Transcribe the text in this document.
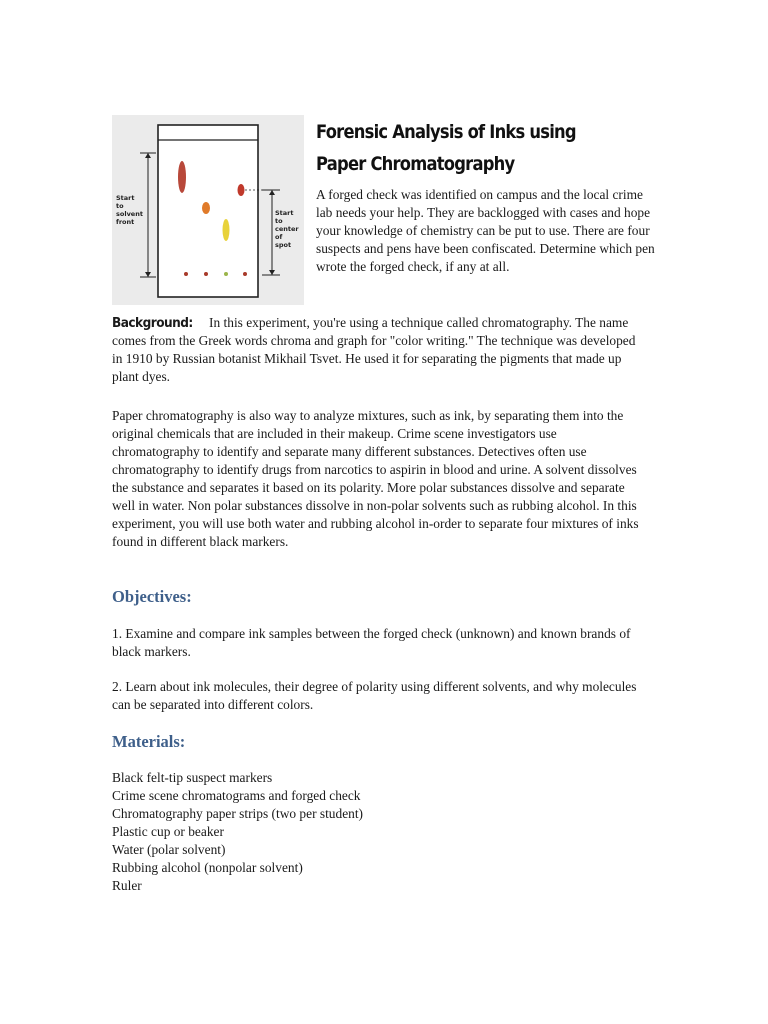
Start
to
solvent
front
Start
to
center
of
spot
Forensic Analysis of Inks using Paper Chromatography
A forged check was identified on campus and the local crime lab needs your help. They are backlogged with cases and hope your knowledge of chemistry can be put to use. There are four suspects and pens have been confiscated. Determine which pen wrote the forged check, if any at all.
Background: In this experiment, you're using a technique called chromatography. The name comes from the Greek words chroma and graph for "color writing." The technique was developed in 1910 by Russian botanist Mikhail Tsvet. He used it for separating the pigments that made up plant dyes.
Paper chromatography is also way to analyze mixtures, such as ink, by separating them into the original chemicals that are included in their makeup. Crime scene investigators use chromatography to identify and separate many different substances. Detectives often use chromatography to identify drugs from narcotics to aspirin in blood and urine. A solvent dissolves the substance and separates it based on its polarity. More polar substances dissolve and separate well in water. Non polar substances dissolve in non-polar solvents such as rubbing alcohol. In this experiment, you will use both water and rubbing alcohol in-order to separate four mixtures of inks found in different black markers.
Objectives:
1. Examine and compare ink samples between the forged check (unknown) and known brands of black markers.
2. Learn about ink molecules, their degree of polarity using different solvents, and why molecules can be separated into different colors.
Materials:
Black felt-tip suspect markers
Crime scene chromatograms and forged check
Chromatography paper strips (two per student)
Plastic cup or beaker
Water (polar solvent)
Rubbing alcohol (nonpolar solvent)
Ruler
